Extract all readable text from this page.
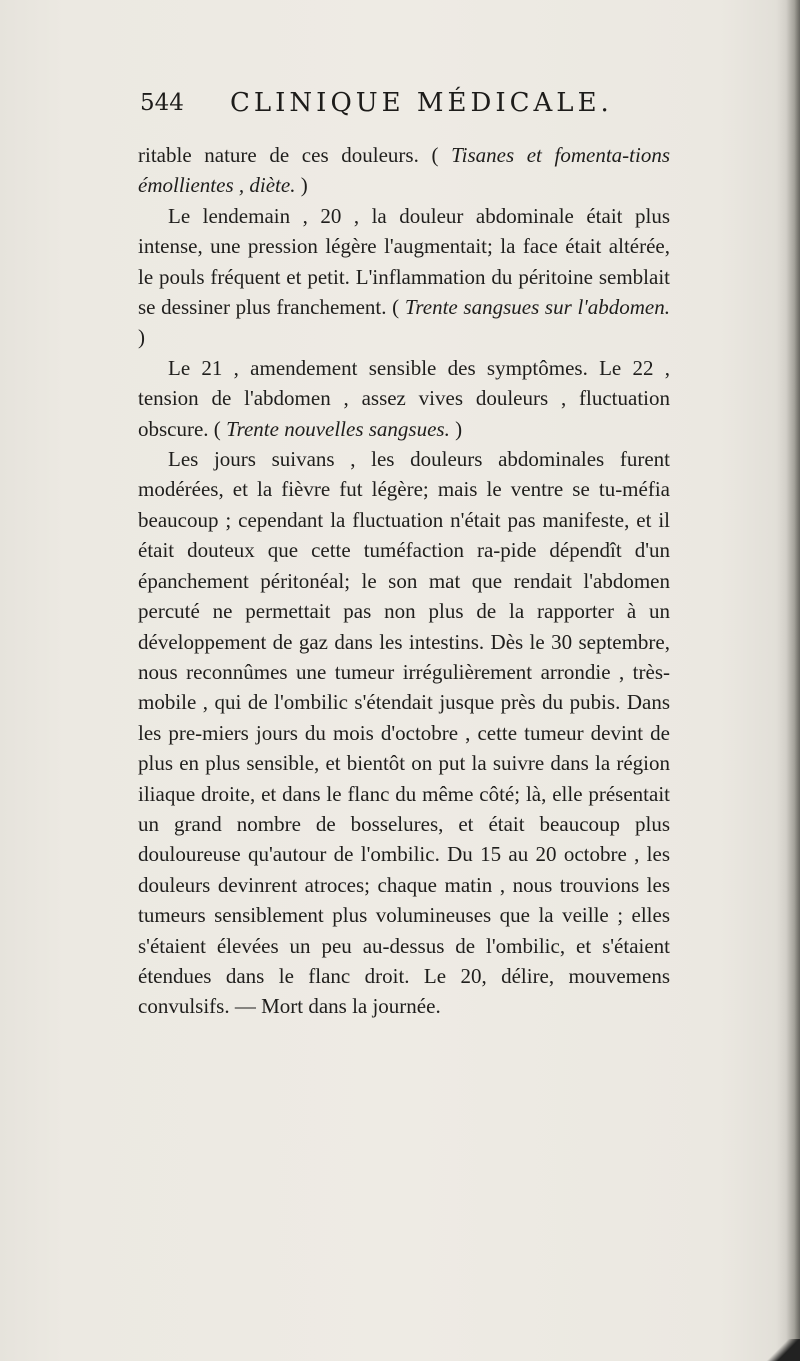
544 CLINIQUE MÉDICALE.

ritable nature de ces douleurs. ( Tisanes et fomenta-tions émollientes , diète. )

Le lendemain , 20 , la douleur abdominale était plus intense, une pression légère l'augmentait; la face était altérée, le pouls fréquent et petit. L'inflammation du péritoine semblait se dessiner plus franchement. ( Trente sangsues sur l'abdomen. )

Le 21 , amendement sensible des symptômes. Le 22 , tension de l'abdomen , assez vives douleurs , fluctuation obscure. ( Trente nouvelles sangsues. )

Les jours suivans , les douleurs abdominales furent modérées, et la fièvre fut légère; mais le ventre se tu-méfia beaucoup ; cependant la fluctuation n'était pas manifeste, et il était douteux que cette tuméfaction ra-pide dépendît d'un épanchement péritonéal; le son mat que rendait l'abdomen percuté ne permettait pas non plus de la rapporter à un développement de gaz dans les intestins. Dès le 30 septembre, nous reconnûmes une tumeur irrégulièrement arrondie , très-mobile , qui de l'ombilic s'étendait jusque près du pubis. Dans les pre-miers jours du mois d'octobre , cette tumeur devint de plus en plus sensible, et bientôt on put la suivre dans la région iliaque droite, et dans le flanc du même côté; là, elle présentait un grand nombre de bosselures, et était beaucoup plus douloureuse qu'autour de l'ombilic. Du 15 au 20 octobre , les douleurs devinrent atroces; chaque matin , nous trouvions les tumeurs sensiblement plus volumineuses que la veille ; elles s'étaient élevées un peu au-dessus de l'ombilic, et s'étaient étendues dans le flanc droit. Le 20, délire, mouvemens convulsifs. — Mort dans la journée.
